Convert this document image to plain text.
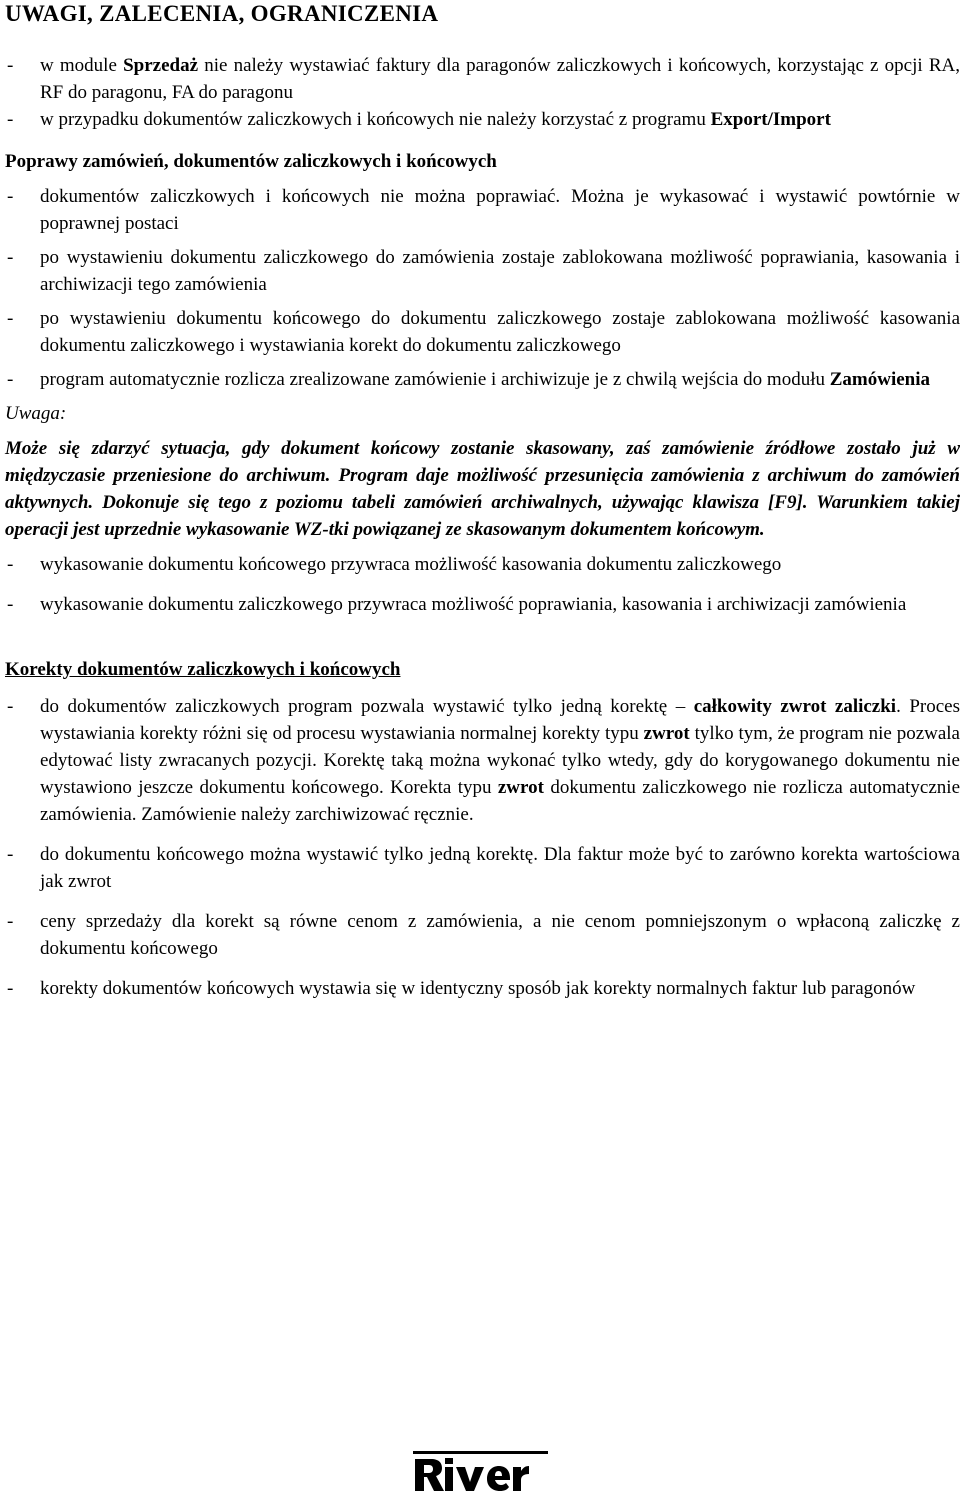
UWAGI, ZALECENIA, OGRANICZENIA
- w module Sprzedaż nie należy wystawiać faktury dla paragonów zaliczkowych i końcowych, korzystając z opcji RA, RF do paragonu, FA do paragonu
- w przypadku dokumentów zaliczkowych i końcowych nie należy korzystać z programu Export/Import
Poprawy zamówień, dokumentów zaliczkowych i końcowych
- dokumentów zaliczkowych i końcowych nie można poprawiać. Można je wykasować i wystawić powtórnie w poprawnej postaci
- po wystawieniu dokumentu zaliczkowego do zamówienia zostaje zablokowana możliwość poprawiania, kasowania i archiwizacji tego zamówienia
- po wystawieniu dokumentu końcowego do dokumentu zaliczkowego zostaje zablokowana możliwość kasowania dokumentu zaliczkowego i wystawiania korekt do dokumentu zaliczkowego
- program automatycznie rozlicza zrealizowane zamówienie i archiwizuje je z chwilą wejścia do modułu Zamówienia
Uwaga:
Może się zdarzyć sytuacja, gdy dokument końcowy zostanie skasowany, zaś zamówienie źródłowe zostało już w międzyczasie przeniesione do archiwum. Program daje możliwość przesunięcia zamówienia z archiwum do zamówień aktywnych. Dokonuje się tego z poziomu tabeli zamówień archiwalnych, używając klawisza [F9]. Warunkiem takiej operacji jest uprzednie wykasowanie WZ-tki powiązanej ze skasowanym dokumentem końcowym.
- wykasowanie dokumentu końcowego przywraca możliwość kasowania dokumentu zaliczkowego
- wykasowanie dokumentu zaliczkowego przywraca możliwość poprawiania, kasowania i archiwizacji zamówienia
Korekty dokumentów zaliczkowych i końcowych
- do dokumentów zaliczkowych program pozwala wystawić tylko jedną korektę – całkowity zwrot zaliczki. Proces wystawiania korekty różni się od procesu wystawiania normalnej korekty typu zwrot tylko tym, że program nie pozwala edytować listy zwracanych pozycji. Korektę taką można wykonać tylko wtedy, gdy do korygowanego dokumentu nie wystawiono jeszcze dokumentu końcowego. Korekta typu zwrot dokumentu zaliczkowego nie rozlicza automatycznie zamówienia. Zamówienie należy zarchiwizować ręcznie.
- do dokumentu końcowego można wystawić tylko jedną korektę. Dla faktur może być to zarówno korekta wartościowa jak zwrot
- ceny sprzedaży dla korekt są równe cenom z zamówienia, a nie cenom pomniejszonym o wpłaconą zaliczkę z dokumentu końcowego
- korekty dokumentów końcowych wystawia się w identyczny sposób jak korekty normalnych faktur lub paragonów
River
